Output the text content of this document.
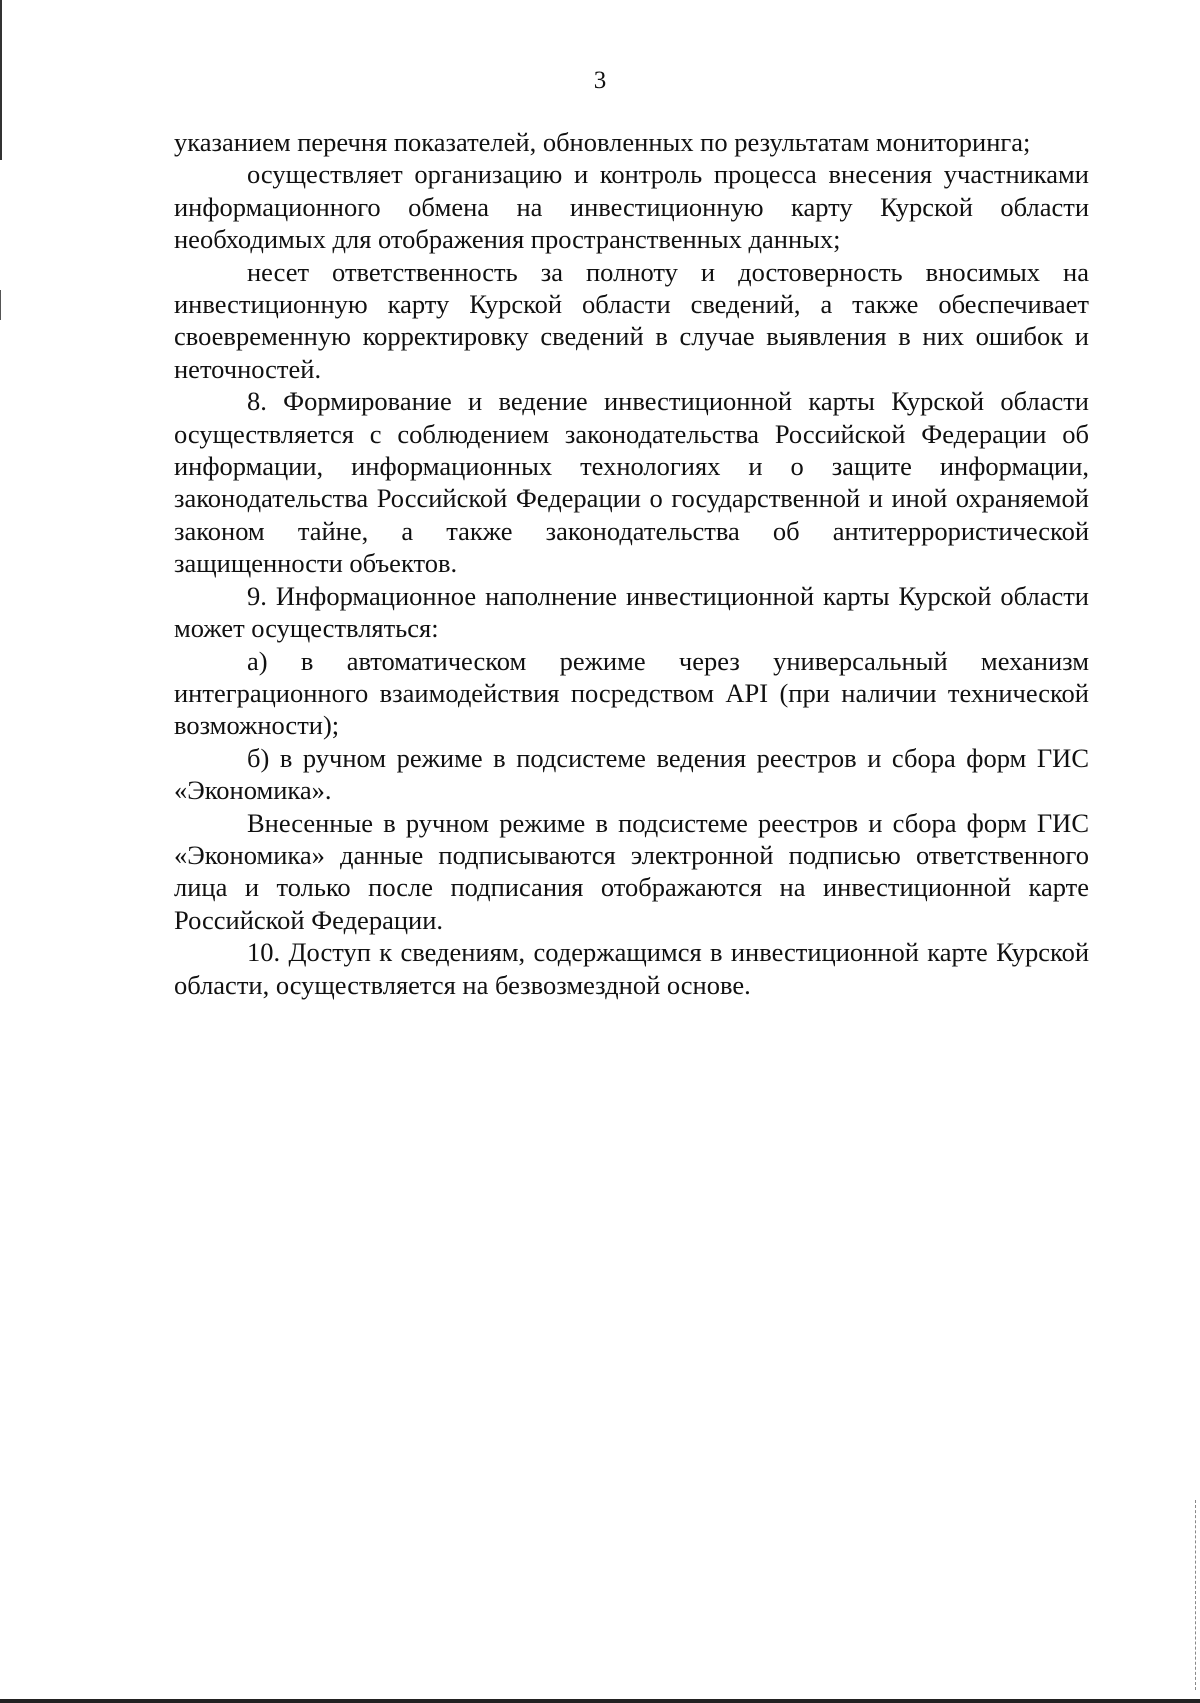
3

указанием перечня показателей, обновленных по результатам мониторинга;

осуществляет организацию и контроль процесса внесения участниками информационного обмена на инвестиционную карту Курской области необходимых для отображения пространственных данных;

несет ответственность за полноту и достоверность вносимых на инвестиционную карту Курской области сведений, а также обеспечивает своевременную корректировку сведений в случае выявления в них ошибок и неточностей.

8. Формирование и ведение инвестиционной карты Курской области осуществляется с соблюдением законодательства Российской Федерации об информации, информационных технологиях и о защите информации, законодательства Российской Федерации о государственной и иной охраняемой законом тайне, а также законодательства об антитеррористической защищенности объектов.

9. Информационное наполнение инвестиционной карты Курской области может осуществляться:

а) в автоматическом режиме через универсальный механизм интеграционного взаимодействия посредством API (при наличии технической возможности);

б) в ручном режиме в подсистеме ведения реестров и сбора форм ГИС «Экономика».

Внесенные в ручном режиме в подсистеме реестров и сбора форм ГИС «Экономика» данные подписываются электронной подписью ответственного лица и только после подписания отображаются на инвестиционной карте Российской Федерации.

10. Доступ к сведениям, содержащимся в инвестиционной карте Курской области, осуществляется на безвозмездной основе.
